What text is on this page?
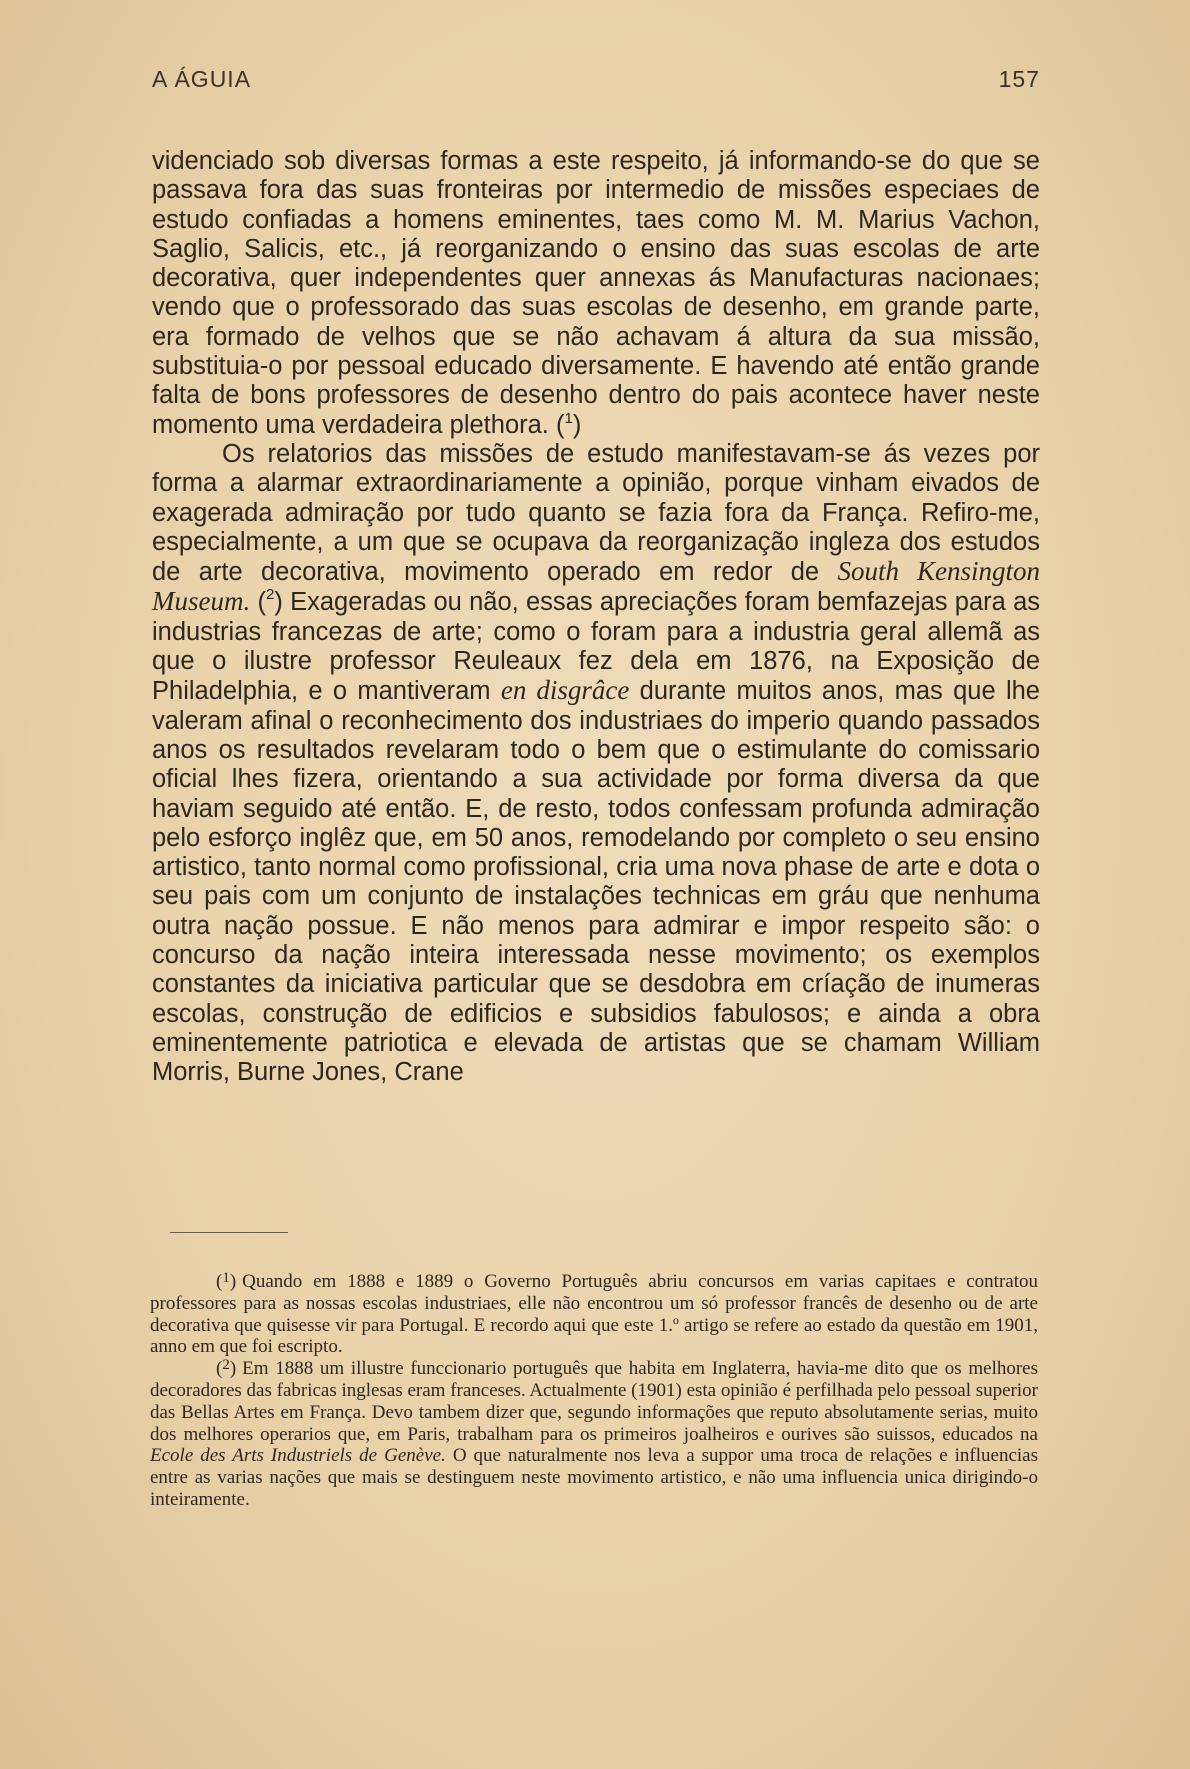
A ÁGUIA	157

videnciado sob diversas formas a este respeito, já informando-se do que se passava fora das suas fronteiras por intermedio de missões especiaes de estudo confiadas a homens eminentes, taes como M. M. Marius Vachon, Saglio, Salicis, etc., já reorganizando o ensino das suas escolas de arte decorativa, quer independentes quer annexas ás Manufacturas nacionaes; vendo que o professorado das suas escolas de desenho, em grande parte, era formado de velhos que se não achavam á altura da sua missão, substituia-o por pessoal educado diversamente. E havendo até então grande falta de bons professores de desenho dentro do pais acontece haver neste momento uma verdadeira plethora. ($^1$)

Os relatorios das missões de estudo manifestavam-se ás vezes por forma a alarmar extraordinariamente a opinião, porque vinham eivados de exagerada admiração por tudo quanto se fazia fora da França. Refiro-me, especialmente, a um que se ocupava da reorganização ingleza dos estudos de arte decorativa, movimento operado em redor de South Kensington Museum. ($^2$) Exageradas ou não, essas apreciações foram bemfazejas para as industrias francezas de arte; como o foram para a industria geral allemã as que o ilustre professor Reuleaux fez dela em 1876, na Exposição de Philadelphia, e o mantiveram en disgrâce durante muitos anos, mas que lhe valeram afinal o reconhecimento dos industriaes do imperio quando passados anos os resultados revelaram todo o bem que o estimulante do comissario oficial lhes fizera, orientando a sua actividade por forma diversa da que haviam seguido até então. E, de resto, todos confessam profunda admiração pelo esforço inglêz que, em 50 anos, remodelando por completo o seu ensino artistico, tanto normal como profissional, cria uma nova phase de arte e dota o seu pais com um conjunto de instalações technicas em gráu que nenhuma outra nação possue. E não menos para admirar e impor respeito são: o concurso da nação inteira interessada nesse movimento; os exemplos constantes da iniciativa particular que se desdobra em críação de inumeras escolas, construção de edificios e subsidios fabulosos; e ainda a obra eminentemente patriotica e elevada de artistas que se chamam William Morris, Burne Jones, Crane

($^1$) Quando em 1888 e 1889 o Governo Português abriu concursos em varias capitaes e contratou professores para as nossas escolas industriaes, elle não encontrou um só professor francês de desenho ou de arte decorativa que quisesse vir para Portugal. E recordo aqui que este 1.º artigo se refere ao estado da questão em 1901, anno em que foi escripto.

($^2$) Em 1888 um illustre funccionario português que habita em Inglaterra, havia-me dito que os melhores decoradores das fabricas inglesas eram franceses. Actualmente (1901) esta opinião é perfilhada pelo pessoal superior das Bellas Artes em França. Devo tambem dizer que, segundo informações que reputo absolutamente serias, muito dos melhores operarios que, em Paris, trabalham para os primeiros joalheiros e ourives são suissos, educados na Ecole des Arts Industriels de Genève. O que naturalmente nos leva a suppor uma troca de relações e influencias entre as varias nações que mais se destinguem neste movimento artistico, e não uma influencia unica dirigindo-o inteiramente.
